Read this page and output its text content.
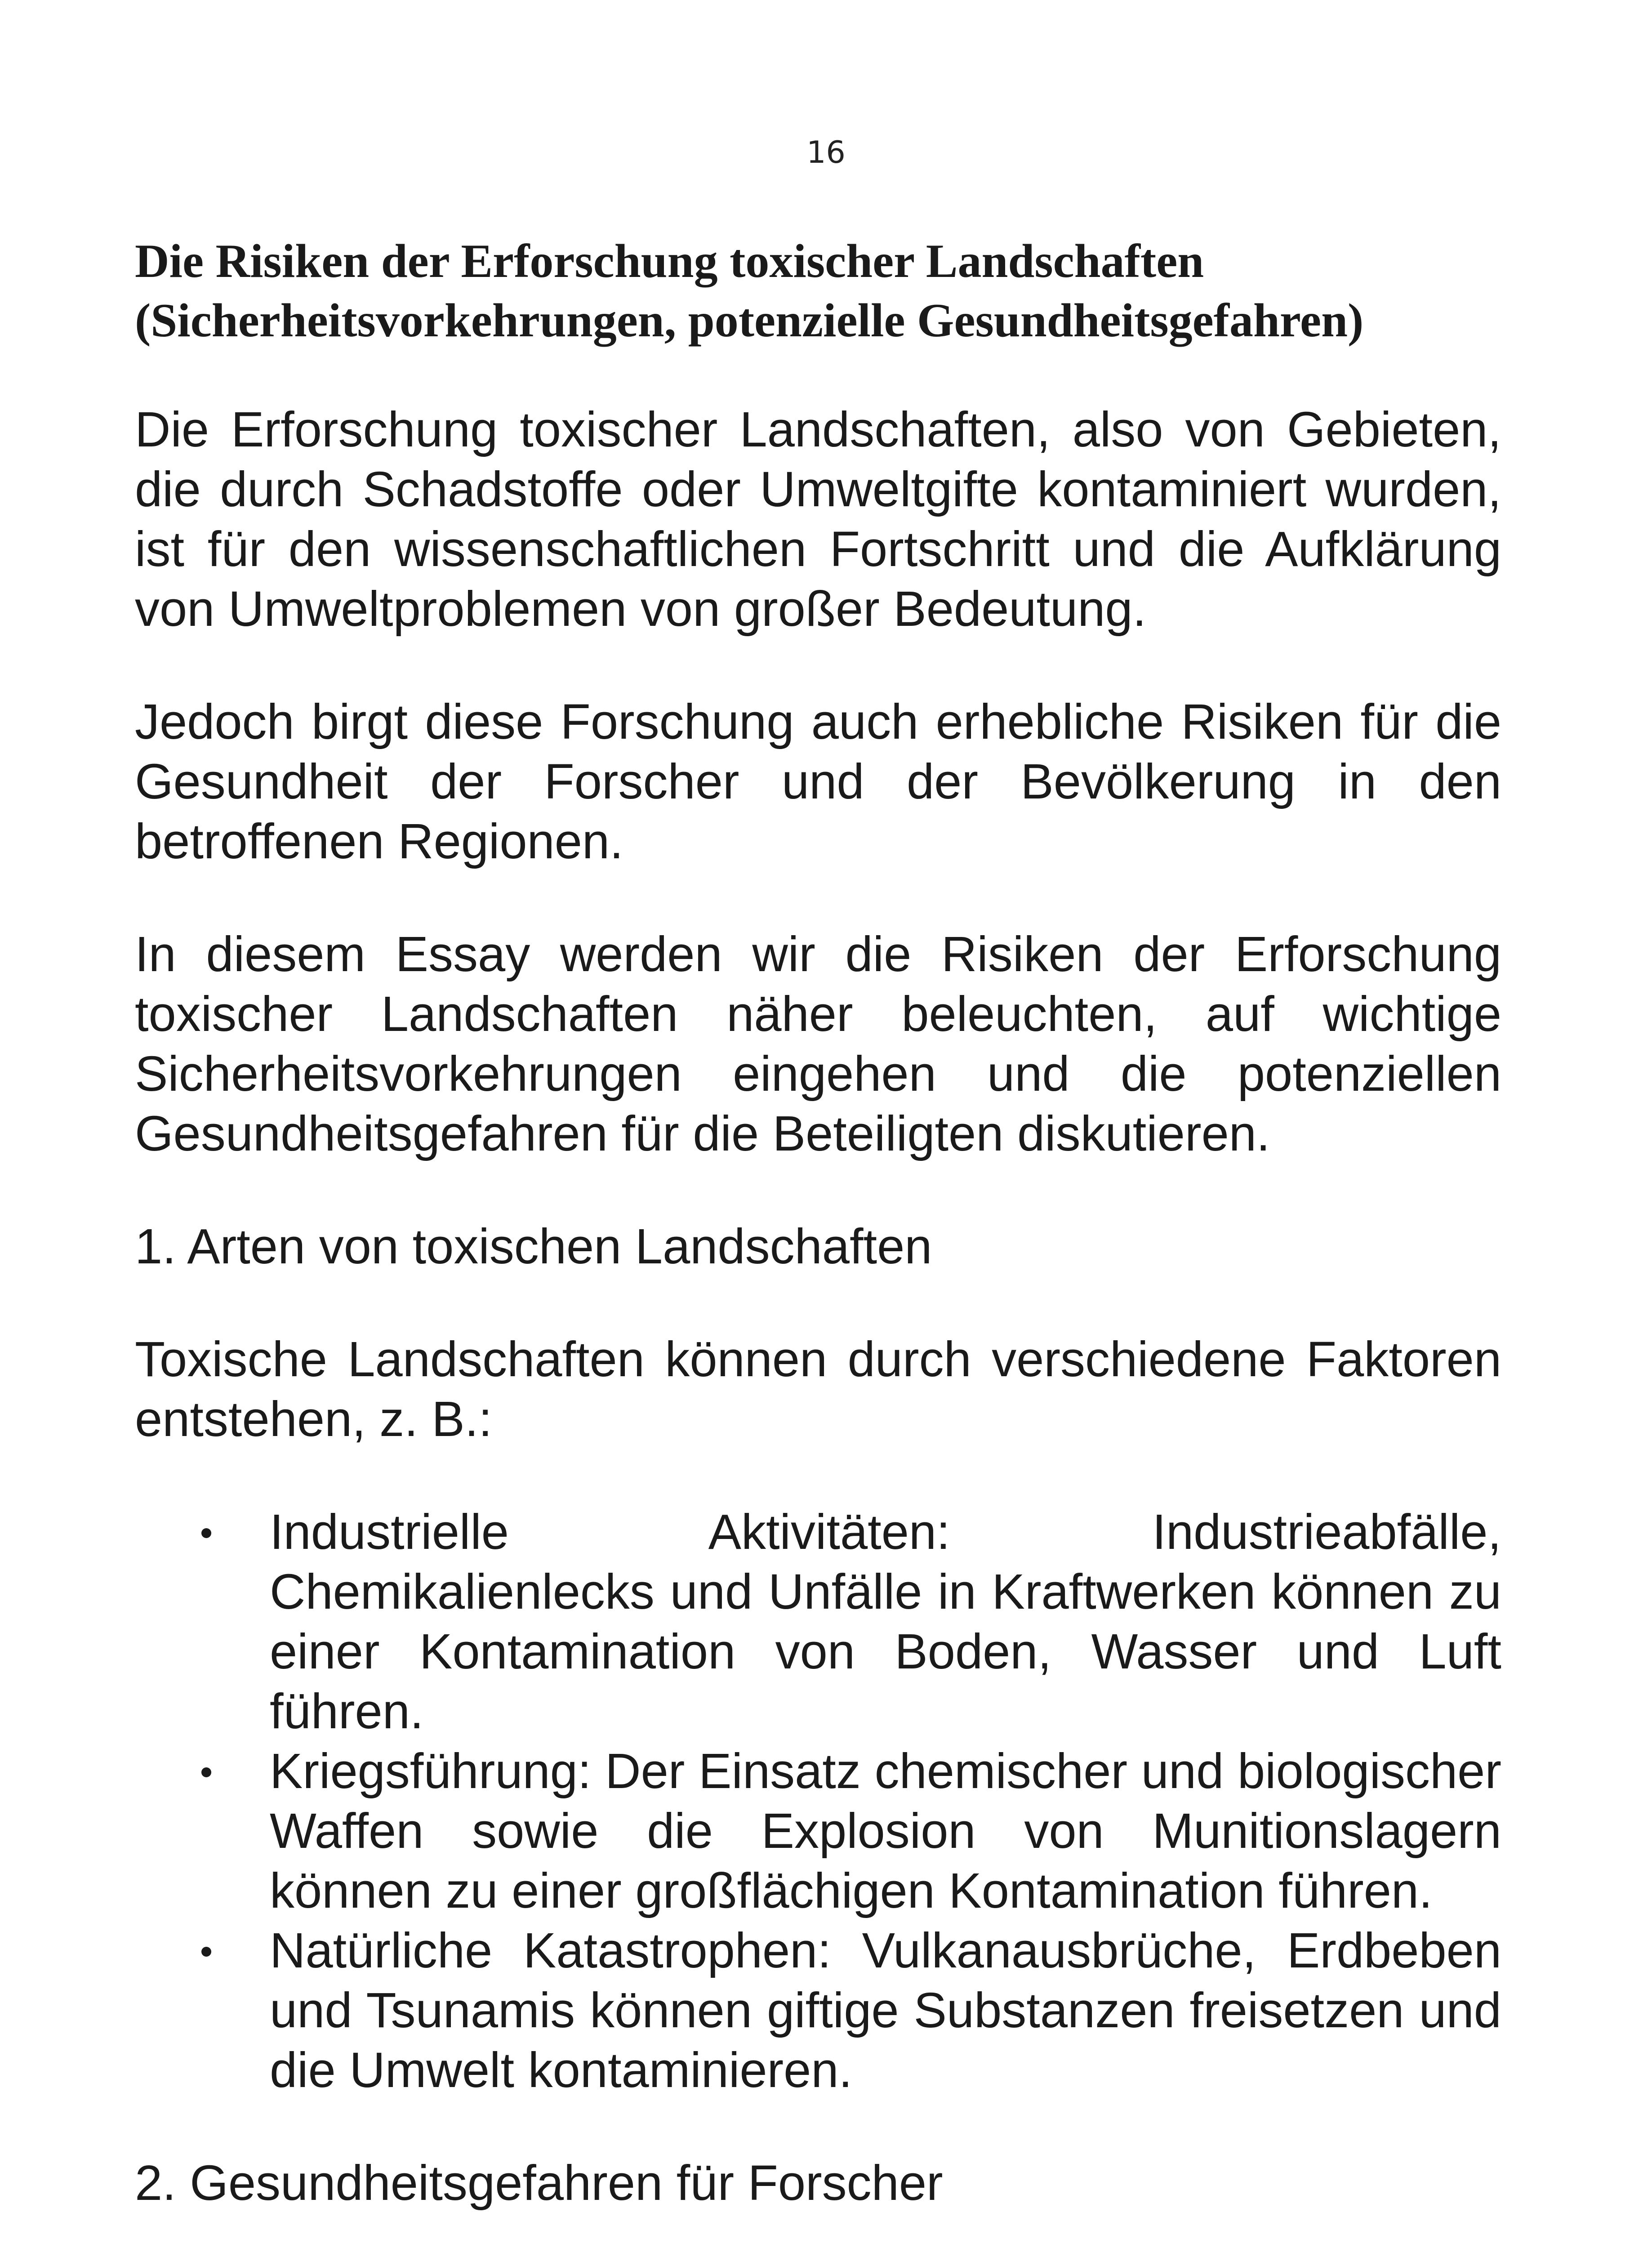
16
Die Risiken der Erforschung toxischer Landschaften
(Sicherheitsvorkehrungen, potenzielle Gesundheitsgefahren)

Die Erforschung toxischer Landschaften, also von Gebieten, die durch Schadstoffe oder Umweltgifte kontaminiert wurden, ist für den wissenschaftlichen Fortschritt und die Aufklärung von Umweltproblemen von großer Bedeutung.

Jedoch birgt diese Forschung auch erhebliche Risiken für die Gesundheit der Forscher und der Bevölkerung in den betroffenen Regionen.

In diesem Essay werden wir die Risiken der Erforschung toxischer Landschaften näher beleuchten, auf wichtige Sicherheitsvorkehrungen eingehen und die potenziellen Gesundheitsgefahren für die Beteiligten diskutieren.

1. Arten von toxischen Landschaften

Toxische Landschaften können durch verschiedene Faktoren entstehen, z. B.:

Industrielle Aktivitäten: Industrieabfälle, Chemikalienlecks und Unfälle in Kraftwerken können zu einer Kontamination von Boden, Wasser und Luft führen.
Kriegsführung: Der Einsatz chemischer und biologischer Waffen sowie die Explosion von Munitionslagern können zu einer großflächigen Kontamination führen.
Natürliche Katastrophen: Vulkanausbrüche, Erdbeben und Tsunamis können giftige Substanzen freisetzen und die Umwelt kontaminieren.

2. Gesundheitsgefahren für Forscher
